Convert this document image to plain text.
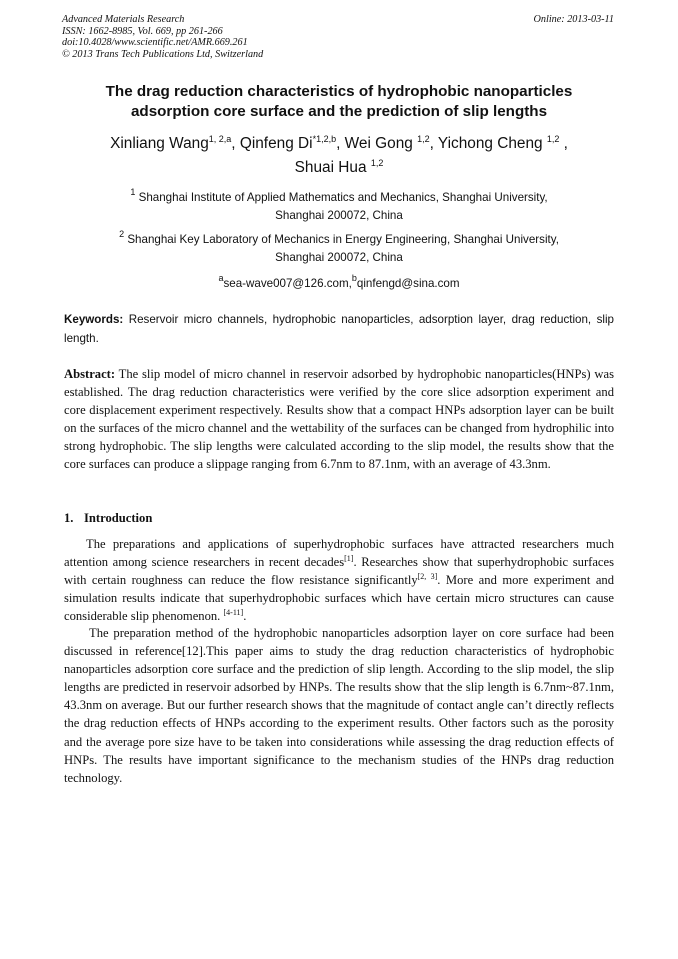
Advanced Materials Research
ISSN: 1662-8985, Vol. 669, pp 261-266
doi:10.4028/www.scientific.net/AMR.669.261
© 2013 Trans Tech Publications Ltd, Switzerland
Online: 2013-03-11
The drag reduction characteristics of hydrophobic nanoparticles
adsorption core surface and the prediction of slip lengths
Xinliang Wang$^{1, 2,a}$, Qinfeng Di$^{*1,2,b}$, Wei Gong $^{1,2}$, Yichong Cheng $^{1,2}$ ,
Shuai Hua $^{1,2}$
$^1$ Shanghai Institute of Applied Mathematics and Mechanics, Shanghai University,
Shanghai 200072, China
$^2$ Shanghai Key Laboratory of Mechanics in Energy Engineering, Shanghai University,
Shanghai 200072, China
$^a$sea-wave007@126.com,$^b$qinfengd@sina.com
Keywords: Reservoir micro channels, hydrophobic nanoparticles, adsorption layer, drag reduction, slip length.
Abstract: The slip model of micro channel in reservoir adsorbed by hydrophobic nanoparticles(HNPs) was established. The drag reduction characteristics were verified by the core slice adsorption experiment and core displacement experiment respectively. Results show that a compact HNPs adsorption layer can be built on the surfaces of the micro channel and the wettability of the surfaces can be changed from hydrophilic into strong hydrophobic. The slip lengths were calculated according to the slip model, the results show that the core surfaces can produce a slippage ranging from 6.7nm to 87.1nm, with an average of 43.3nm.
1. Introduction
The preparations and applications of superhydrophobic surfaces have attracted researchers much attention among science researchers in recent decades[1]. Researches show that superhydrophobic surfaces with certain roughness can reduce the flow resistance significantly[2, 3]. More and more experiment and simulation results indicate that superhydrophobic surfaces which have certain micro structures can cause considerable slip phenomenon. [4-11].
The preparation method of the hydrophobic nanoparticles adsorption layer on core surface had been discussed in reference[12].This paper aims to study the drag reduction characteristics of hydrophobic nanoparticles adsorption core surface and the prediction of slip length. According to the slip model, the slip lengths are predicted in reservoir adsorbed by HNPs. The results show that the slip length is 6.7nm~87.1nm, 43.3nm on average. But our further research shows that the magnitude of contact angle can’t directly reflects the drag reduction effects of HNPs according to the experiment results. Other factors such as the porosity and the average pore size have to be taken into considerations while assessing the drag reduction effects of HNPs. The results have important significance to the mechanism studies of the HNPs drag reduction technology.
